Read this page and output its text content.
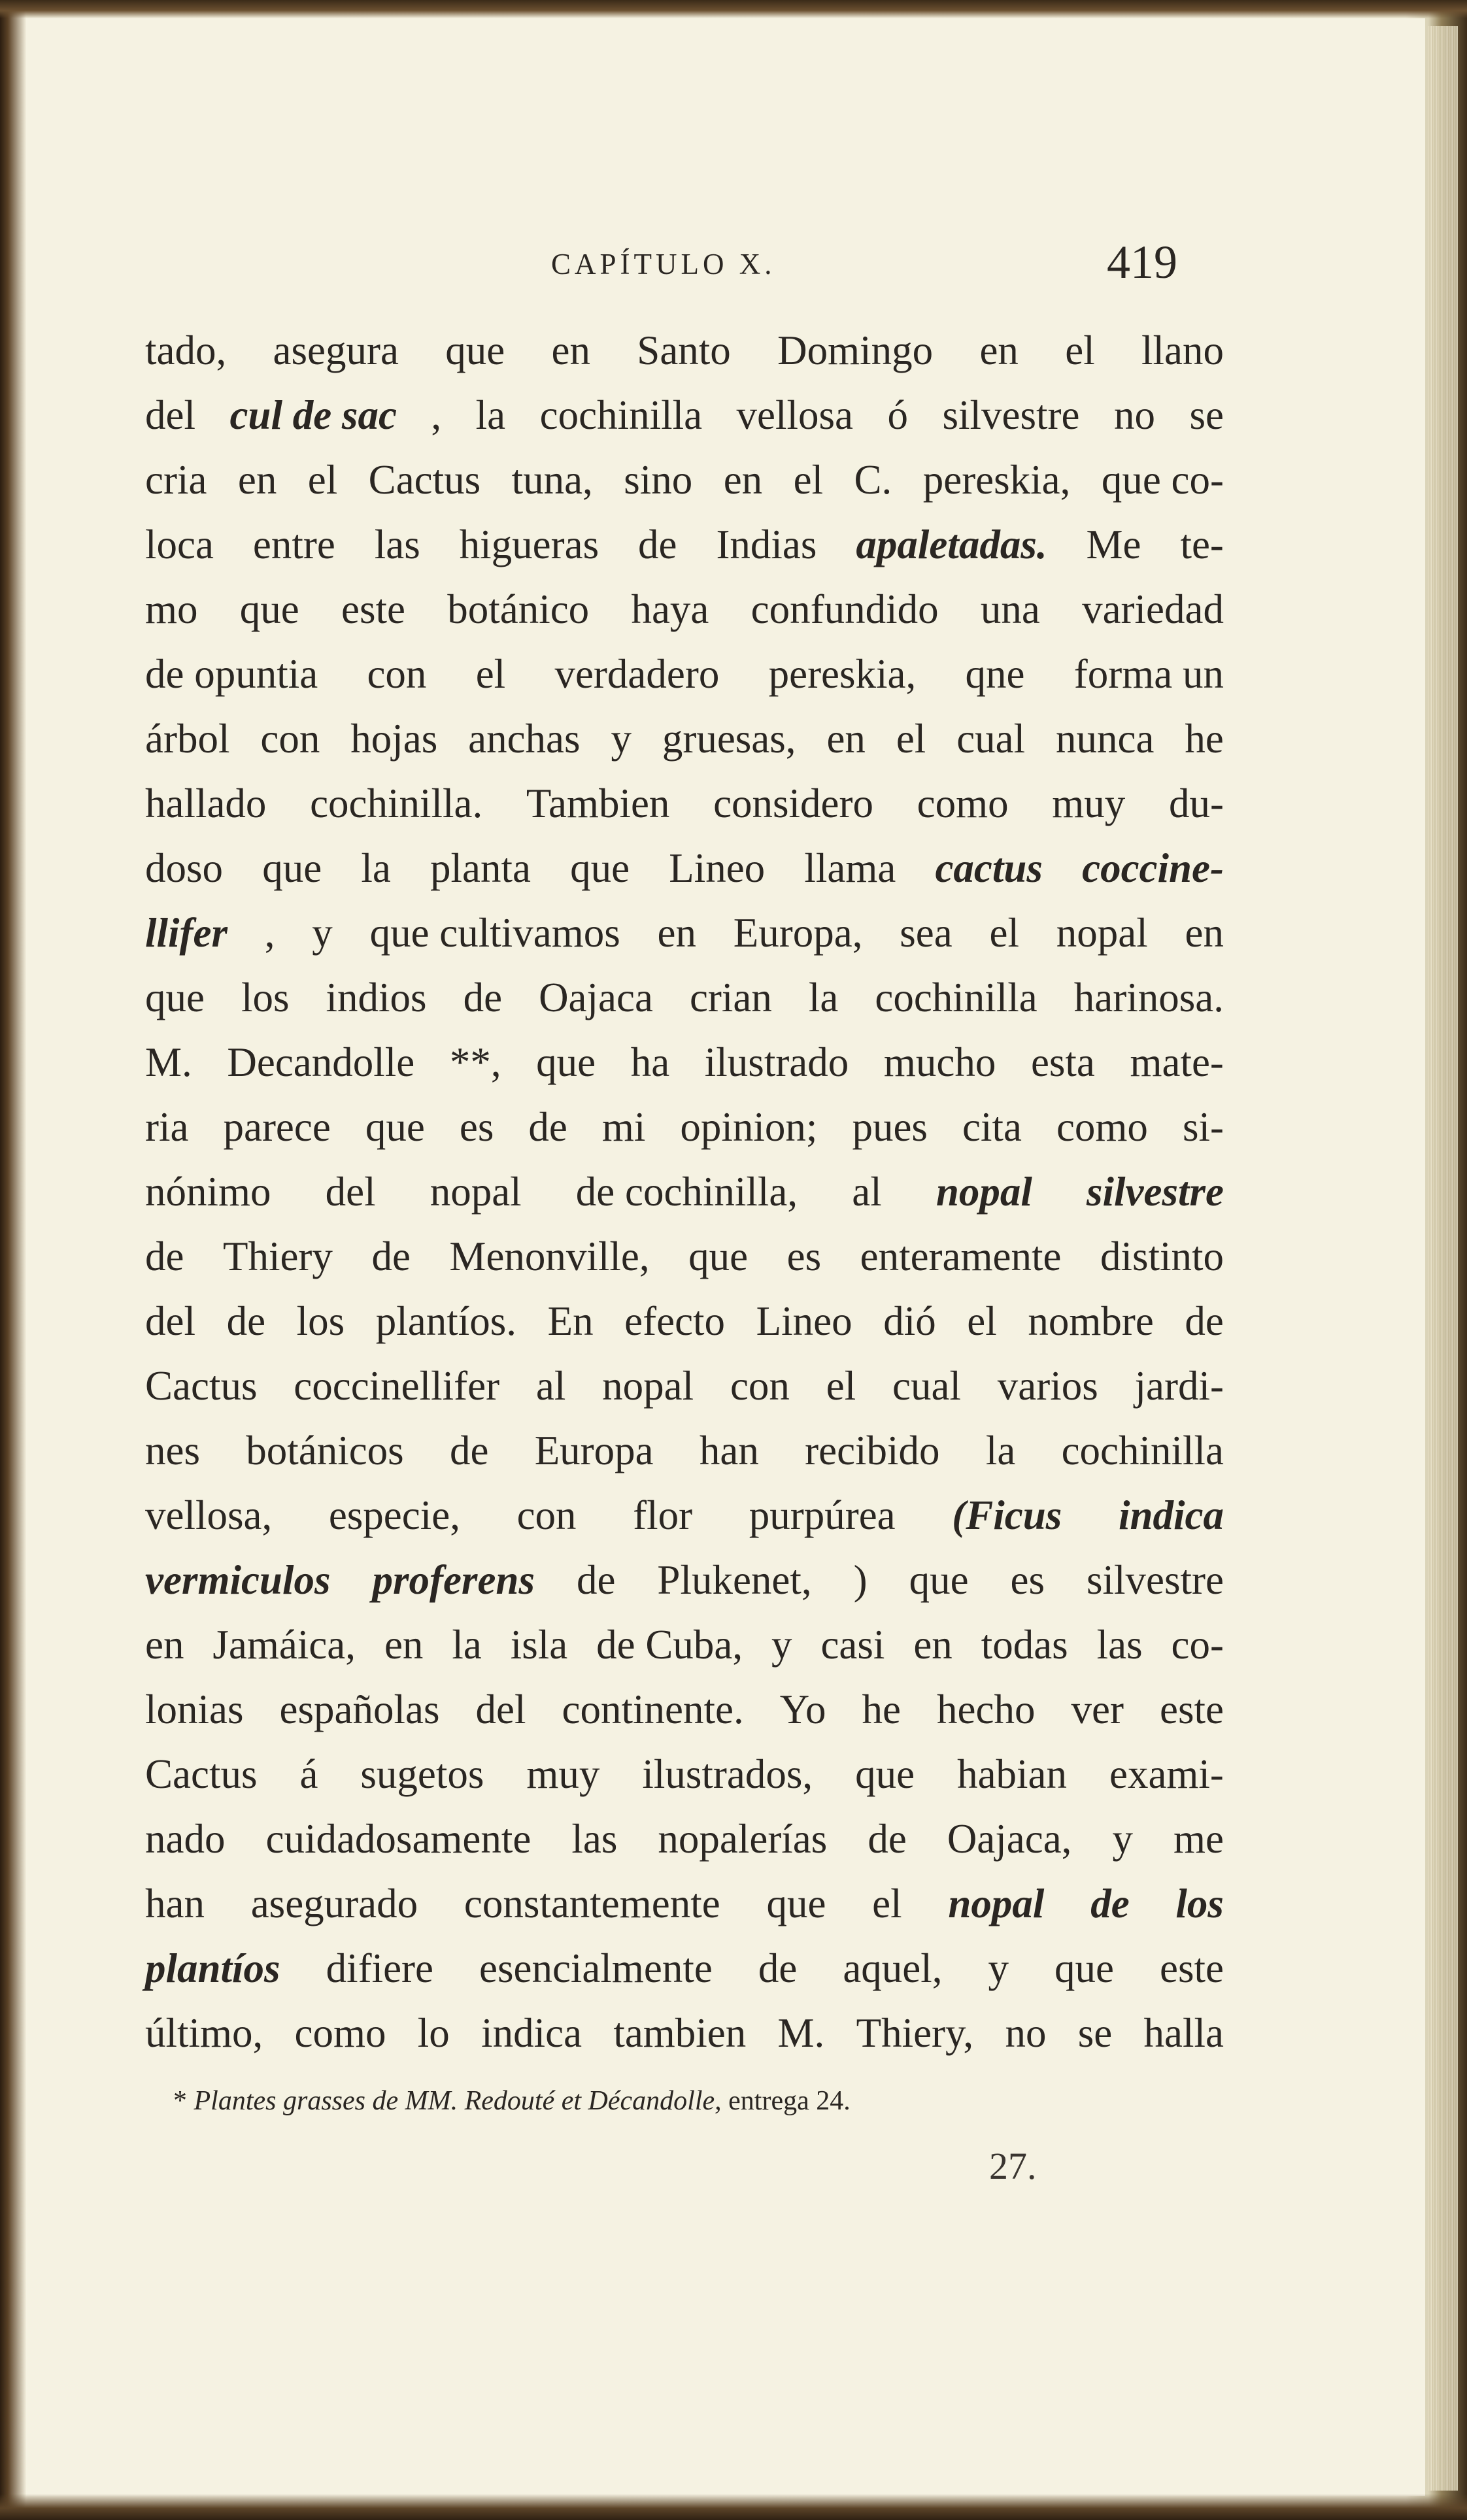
CAPÍTULO X.	419
tado, asegura que en Santo Domingo en el llano
del cul de sac , la cochinilla vellosa ó silvestre no se
cria en el Cactus tuna, sino en el C. pereskia, que co-
loca entre las higueras de Indias apaletadas. Me te-
mo que este botánico haya confundido una variedad
de opuntia con el verdadero pereskia, qne forma un
árbol con hojas anchas y gruesas, en el cual nunca he
hallado cochinilla. Tambien considero como muy du-
doso que la planta que Lineo llama cactus coccine-
llifer , y que cultivamos en Europa, sea el nopal en
que los indios de Oajaca crian la cochinilla harinosa.
M. Decandolle **, que ha ilustrado mucho esta mate-
ria parece que es de mi opinion; pues cita como si-
nónimo del nopal de cochinilla, al nopal silvestre
de Thiery de Menonville, que es enteramente distinto
del de los plantíos. En efecto Lineo dió el nombre de
Cactus coccinellifer al nopal con el cual varios jardi-
nes botánicos de Europa han recibido la cochinilla
vellosa, especie, con flor purpúrea (Ficus indica
vermiculos proferens de Plukenet, ) que es silvestre
en Jamáica, en la isla de Cuba, y casi en todas las co-
lonias españolas del continente. Yo he hecho ver este
Cactus á sugetos muy ilustrados, que habian exami-
nado cuidadosamente las nopalerías de Oajaca, y me
han asegurado constantemente que el nopal de los
plantíos difiere esencialmente de aquel, y que este
último, como lo indica tambien M. Thiery, no se halla
* Plantes grasses de MM. Redouté et Décandolle, entrega 24.
27.
